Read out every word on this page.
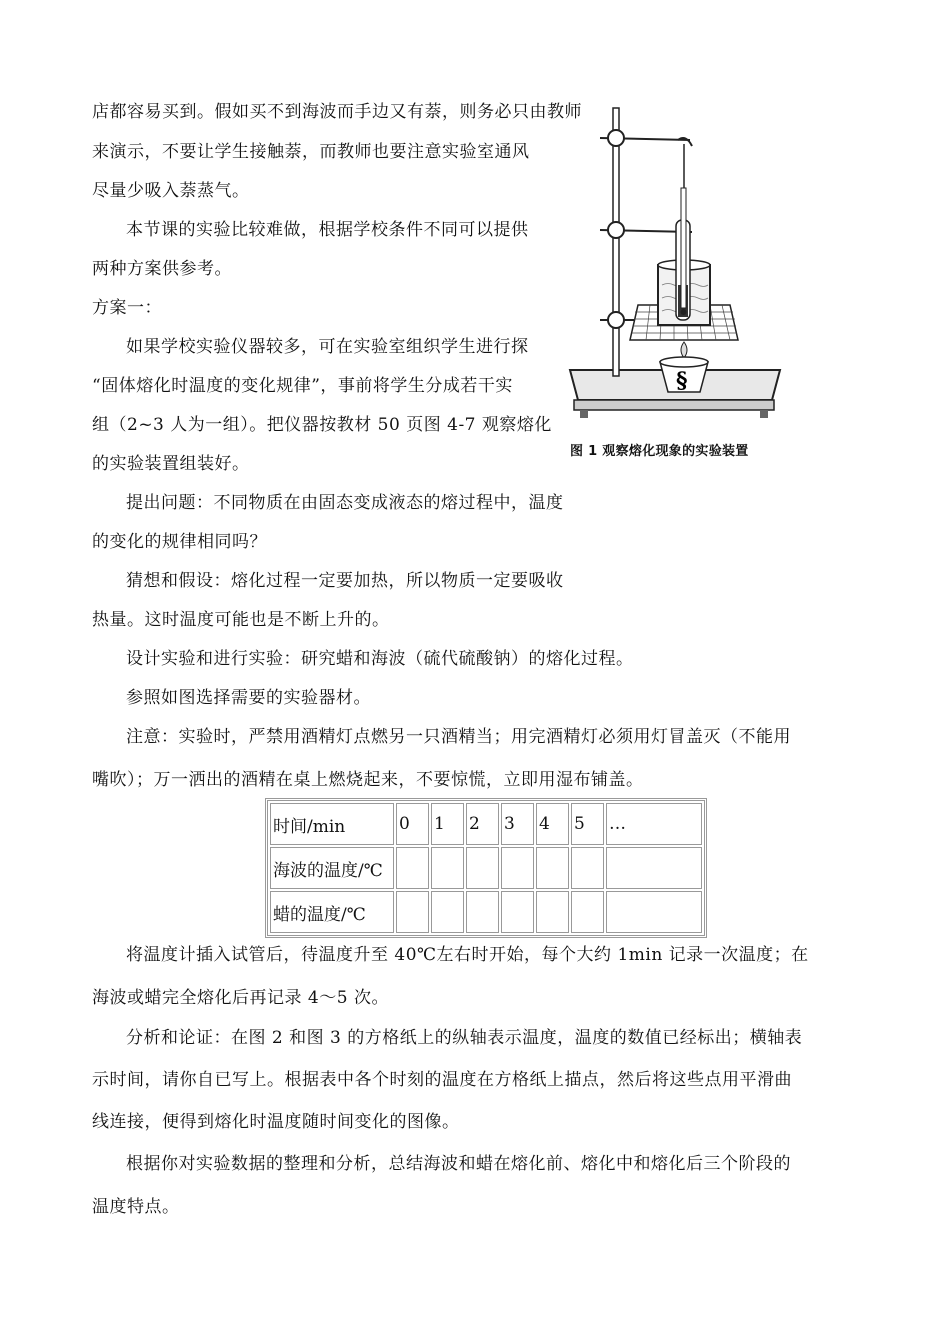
店都容易买到。假如买不到海波而手边又有萘，则务必只由教师
来演示，不要让学生接触萘，而教师也要注意实验室通风
尽量少吸入萘蒸气。
本节课的实验比较难做，根据学校条件不同可以提供
两种方案供参考。
方案一：
如果学校实验仪器较多，可在实验室组织学生进行探
“固体熔化时温度的变化规律”，事前将学生分成若干实
组（2~3 人为一组）。把仪器按教材 50 页图 4-7 观察熔化
的实验装置组装好。
提出问题：不同物质在由固态变成液态的熔过程中，温度
的变化的规律相同吗？
猜想和假设：熔化过程一定要加热，所以物质一定要吸收
热量。这时温度可能也是不断上升的。
设计实验和进行实验：研究蜡和海波（硫代硫酸钠）的熔化过程。
参照如图选择需要的实验器材。
注意：实验时，严禁用酒精灯点燃另一只酒精当；用完酒精灯必须用灯冒盖灭（不能用
嘴吹）；万一洒出的酒精在桌上燃烧起来，不要惊慌，立即用湿布铺盖。
§
图 1 观察熔化现象的实验装置
时间/min	0	1	2	3	4	5	…
海波的温度/℃							
蜡的温度/℃							
将温度计插入试管后，待温度升至 40℃左右时开始，每个大约 1min 记录一次温度；在
海波或蜡完全熔化后再记录 4～5 次。
分析和论证：在图 2 和图 3 的方格纸上的纵轴表示温度，温度的数值已经标出；横轴表
示时间，请你自已写上。根据表中各个时刻的温度在方格纸上描点，然后将这些点用平滑曲
线连接，便得到熔化时温度随时间变化的图像。
根据你对实验数据的整理和分析，总结海波和蜡在熔化前、熔化中和熔化后三个阶段的
温度特点。
